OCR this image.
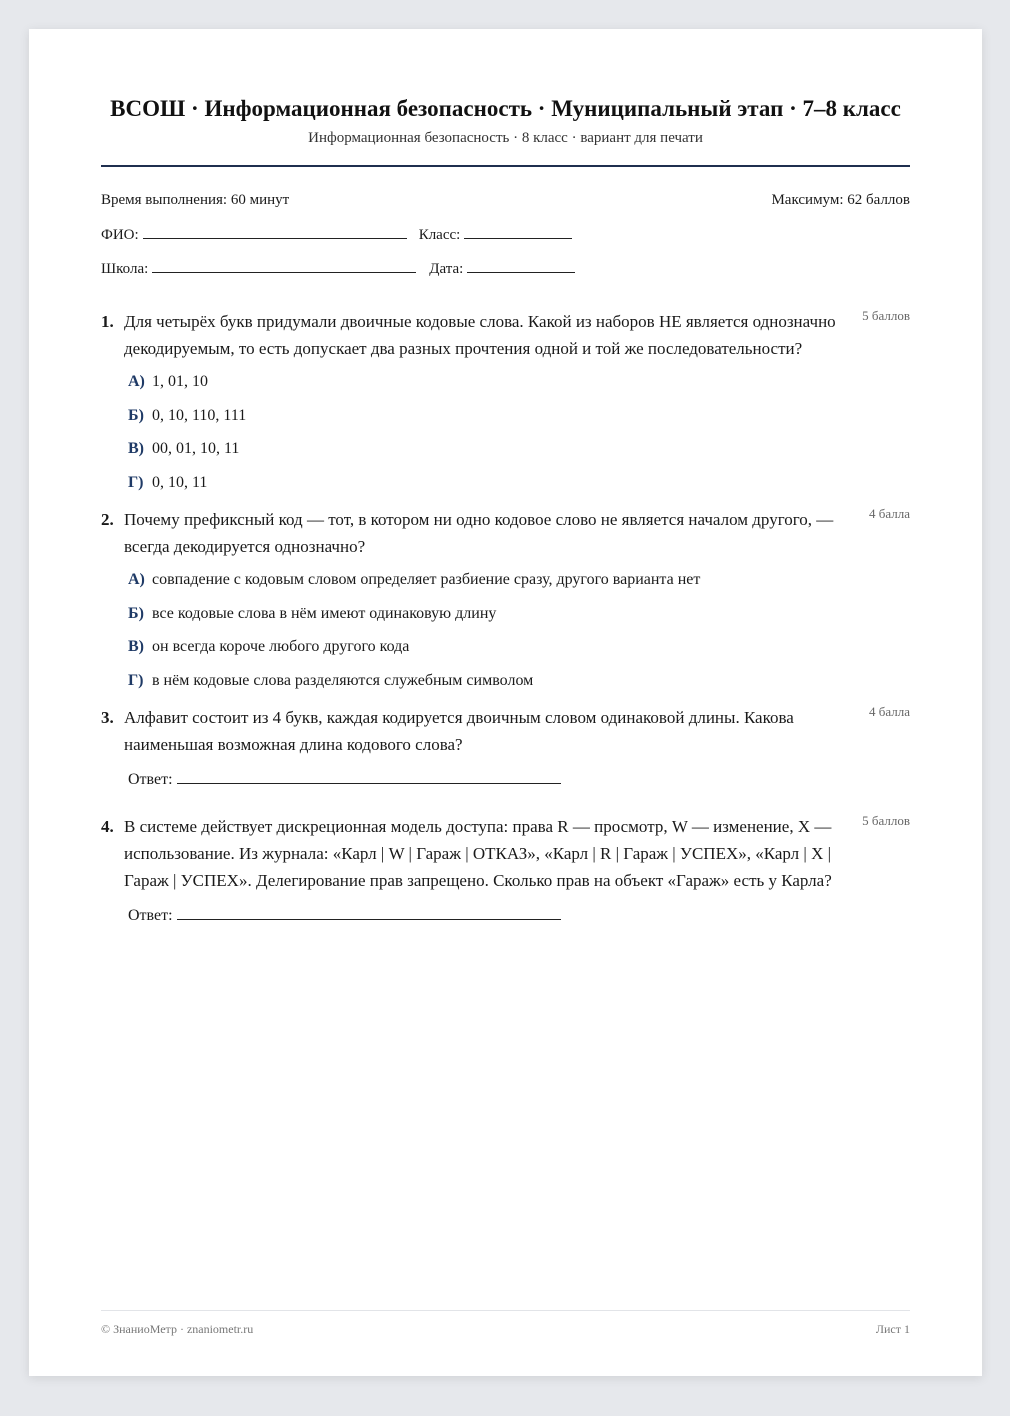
ВСОШ · Информационная безопасность · Муниципальный этап · 7–8 класс
Информационная безопасность · 8 класс · вариант для печати
Время выполнения: 60 минут	Максимум: 62 баллов
ФИО:	Класс:
Школа:	Дата:
1. Для четырёх букв придумали двоичные кодовые слова. Какой из наборов НЕ является однозначно декодируемым, то есть допускает два разных прочтения одной и той же последовательности?
5 баллов
А) 1, 01, 10
Б) 0, 10, 110, 111
В) 00, 01, 10, 11
Г) 0, 10, 11
2. Почему префиксный код — тот, в котором ни одно кодовое слово не является началом другого, — всегда декодируется однозначно?
4 балла
А) совпадение с кодовым словом определяет разбиение сразу, другого варианта нет
Б) все кодовые слова в нём имеют одинаковую длину
В) он всегда короче любого другого кода
Г) в нём кодовые слова разделяются служебным символом
3. Алфавит состоит из 4 букв, каждая кодируется двоичным словом одинаковой длины. Какова наименьшая возможная длина кодового слова?
4 балла
Ответ:
4. В системе действует дискреционная модель доступа: права R — просмотр, W — изменение, X — использование. Из журнала: «Карл | W | Гараж | ОТКАЗ», «Карл | R | Гараж | УСПЕХ», «Карл | X | Гараж | УСПЕХ». Делегирование прав запрещено. Сколько прав на объект «Гараж» есть у Карла?
5 баллов
Ответ:
© ЗнаниоМетр · znaniometr.ru	Лист 1
